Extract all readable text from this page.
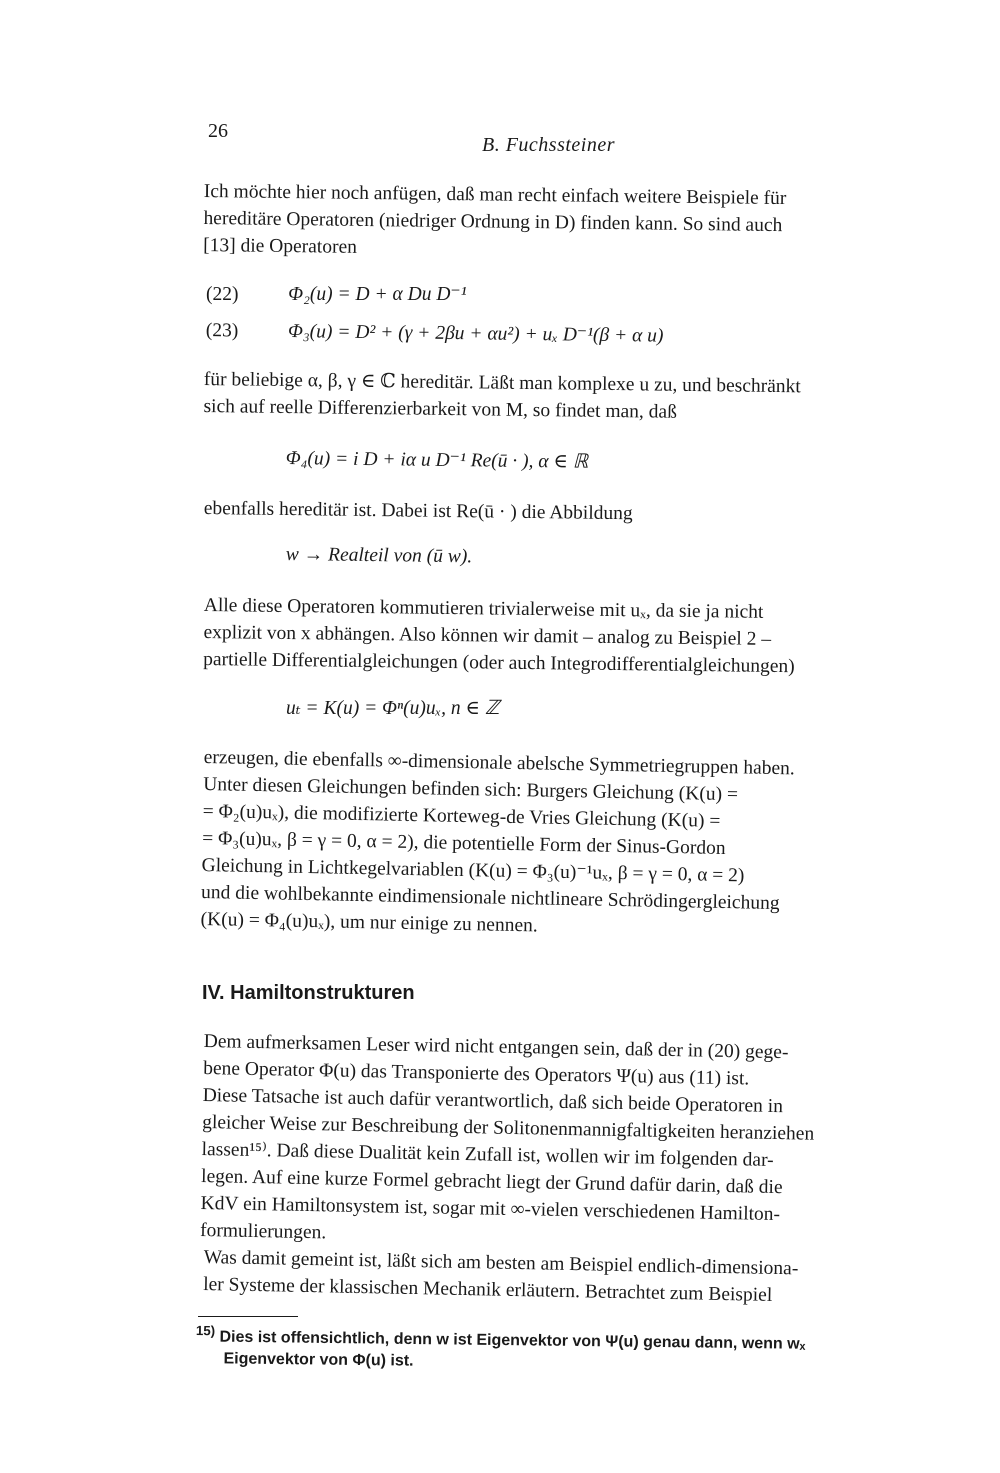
26
B. Fuchssteiner
Ich möchte hier noch anfügen, daß man recht einfach weitere Beispiele für
hereditäre Operatoren (niedriger Ordnung in D) finden kann. So sind auch
[13] die Operatoren
(22)	Φ₂(u) = D + α Du D⁻¹
(23)	Φ₃(u) = D² + (γ + 2βu + αu²) + uₓ D⁻¹(β + α u)
für beliebige α, β, γ ∈ ℂ hereditär. Läßt man komplexe u zu, und beschränkt
sich auf reelle Differenzierbarkeit von M, so findet man, daß
Φ₄(u) = i D + iα u D⁻¹ Re(ū · ), α ∈ ℝ
ebenfalls hereditär ist. Dabei ist Re(ū · ) die Abbildung
w → Realteil von (ū w).
Alle diese Operatoren kommutieren trivialerweise mit uₓ, da sie ja nicht
explizit von x abhängen. Also können wir damit – analog zu Beispiel 2 –
partielle Differentialgleichungen (oder auch Integrodifferentialgleichungen)
uₜ = K(u) = Φⁿ(u)uₓ, n ∈ ℤ
erzeugen, die ebenfalls ∞-dimensionale abelsche Symmetriegruppen haben.
Unter diesen Gleichungen befinden sich: Burgers Gleichung (K(u) =
= Φ₂(u)uₓ), die modifizierte Korteweg-de Vries Gleichung (K(u) =
= Φ₃(u)uₓ, β = γ = 0, α = 2), die potentielle Form der Sinus-Gordon
Gleichung in Lichtkegelvariablen (K(u) = Φ₃(u)⁻¹uₓ, β = γ = 0, α = 2)
und die wohlbekannte eindimensionale nichtlineare Schrödingergleichung
(K(u) = Φ₄(u)uₓ), um nur einige zu nennen.
IV. Hamiltonstrukturen
Dem aufmerksamen Leser wird nicht entgangen sein, daß der in (20) gege-
bene Operator Φ(u) das Transponierte des Operators Ψ(u) aus (11) ist.
Diese Tatsache ist auch dafür verantwortlich, daß sich beide Operatoren in
gleicher Weise zur Beschreibung der Solitonenmannigfaltigkeiten heranziehen
lassen¹⁵⁾. Daß diese Dualität kein Zufall ist, wollen wir im folgenden dar-
legen. Auf eine kurze Formel gebracht liegt der Grund dafür darin, daß die
KdV ein Hamiltonsystem ist, sogar mit ∞-vielen verschiedenen Hamilton-
formulierungen.
Was damit gemeint ist, läßt sich am besten am Beispiel endlich-dimensiona-
ler Systeme der klassischen Mechanik erläutern. Betrachtet zum Beispiel
$^{15)}$ Dies ist offensichtlich, denn w ist Eigenvektor von Ψ(u) genau dann, wenn wₓ
Eigenvektor von Φ(u) ist.
